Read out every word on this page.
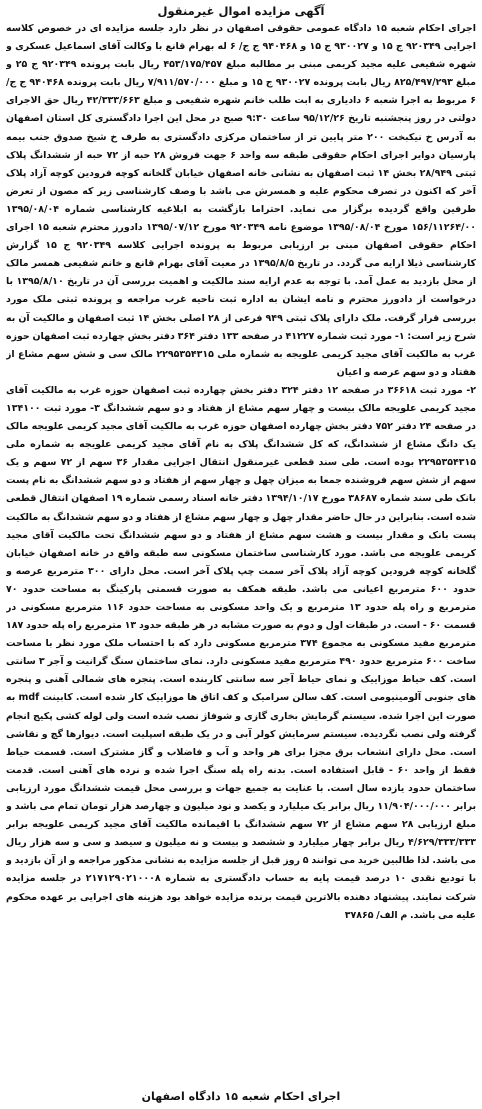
آگهی مزایده اموال غیرمنقول

اجرای احکام شعبه ۱۵ دادگاه عمومی حقوقی اصفهان در نظر دارد جلسه مزایده ای در خصوص کلاسه اجرایی ۹۲۰۳۴۹ ج ۱۵ و ۹۳۰۰۲۷ ج ۱۵ و ۹۴۰۴۶۸ ج ج/ ۶ له بهرام قانع با وکالت آقای اسماعیل عسکری و شهره شفیعی علیه مجید کریمی مبنی بر مطالبه مبلغ ۴۵۳/۱۷۵/۴۵۷ ریال بابت پرونده ۹۲۰۳۴۹ ج ۲۵ و مبلغ ۸۲۵/۴۹۷/۲۹۳ ریال بابت پرونده ۹۳۰۰۲۷ ج ۱۵ و مبلغ ۷/۹۱۱/۵۷۰/۰۰۰ ریال بابت پرونده ۹۴۰۴۶۸ ج ج/ ۶ مربوط به اجرا شعبه ۶ دادیاری به ابت طلب خانم شهره شفیعی و مبلغ ۴۲/۳۳۳/۶۶۳ ریال حق الاجرای دولتی در روز پنجشنبه تاریخ ۹۵/۱۲/۲۶ ساعت ۹:۳۰ صبح در محل این اجرا دادگستری کل استان اصفهان به آدرس خ نیکبخت ۲۰۰ متر پایین تر از ساختمان مرکزی دادگستری به طرف خ شیخ صدوق جنب بیمه پارسیان دوایر اجرای احکام حقوقی طبقه سه واحد ۶ جهت فروش ۲۸ حبه از ۷۲ حبه از ششدانگ پلاک ثبتی ۲۸/۹۴۹ بخش ۱۴ ثبت اصفهان به نشانی خانه اصفهان خیابان گلخانه کوچه فرودین کوچه آزاد پلاک آخر که اکنون در تصرف محکوم علیه و همسرش می باشد با وصف کارشناسی زیر که مصون از تعرض طرفین واقع گردیده برگزار می نماید. احتراما بازگشت به ابلاغیه کارشناسی شماره ۱۳۹۵/۰۸/۰۴ ۱۵۶/۱۱۲۶۴/۰۰ مورخ ۱۳۹۵/۰۸/۰۴ موضوع نامه ۹۲۰۳۴۹ مورخ ۱۳۹۵/۰۷/۱۲ دادورز محترم شعبه ۱۵ اجرای احکام حقوقی اصفهان مبنی بر ارزیابی مربوط به پرونده اجرایی کلاسه ۹۲۰۳۴۹ ج ۱۵ گزارش کارشناسی ذیلا ارایه می گردد. در تاریخ ۱۳۹۵/۸/۵ در معیت آقای بهرام قانع و خانم شفیعی همسر مالک از محل بازدید به عمل آمد. با توجه به عدم ارایه سند مالکیت و اهمیت بررسی آن در تاریخ ۱۳۹۵/۸/۱۰ با درخواست از دادورز محترم و نامه ایشان به اداره ثبت ناحیه غرب مراجعه و پرونده ثبتی ملک مورد بررسی قرار گرفت. ملک دارای پلاک ثبتی ۹۴۹ فرعی از ۲۸ اصلی بخش ۱۴ ثبت اصفهان و مالکیت آن به شرح زیر است: ۱- مورد ثبت شماره ۴۱۲۲۷ در صفحه ۱۳۳ دفتر ۳۶۴ دفتر بخش چهارده ثبت اصفهان حوزه غرب به مالکیت آقای مجید کریمی علویجه به شماره ملی ۲۲۹۵۳۵۴۳۱۵ مالک سی و شش سهم مشاع از هفتاد و دو سهم عرصه و اعیان

۲- مورد ثبت ۳۶۶۱۸ در صفحه ۱۲ دفتر ۳۲۴ دفتر بخش چهارده ثبت اصفهان حوزه غرب به مالکیت آقای مجید کریمی علویجه مالک بیست و چهار سهم مشاع از هفتاد و دو سهم ششدانگ ۳- مورد ثبت ۱۳۴۱۰۰ در صفحه ۲۴ دفتر ۷۵۲ دفتر بخش چهارده اصفهان حوزه غرب به مالکیت آقای مجید کریمی علویجه مالک یک دانگ مشاع از ششدانگ، که کل ششدانگ پلاک به نام آقای مجید کریمی علویجه به شماره ملی ۲۲۹۵۳۵۴۳۱۵ بوده است. طی سند قطعی غیرمنقول انتقال اجرایی مقدار ۳۶ سهم از ۷۲ سهم و یک سهم از شش سهم فروشنده جمعا به میزان چهل و چهار سهم از هفتاد و دو سهم ششدانگ به نام پست بانک طی سند شماره ۳۸۶۸۷ مورخ ۱۳۹۴/۱۰/۱۷ دفتر خانه اسناد رسمی شماره ۱۹ اصفهان انتقال قطعی شده است. بنابراین در حال حاضر مقدار چهل و چهار سهم مشاع از هفتاد و دو سهم ششدانگ به مالکیت پست بانک و مقدار بیست و هشت سهم مشاع از هفتاد و دو سهم ششدانگ تحت مالکیت آقای مجید کریمی علویجه می باشد. مورد کارشناسی ساختمان مسکونی سه طبقه واقع در خانه اصفهان خیابان گلخانه کوچه فرودین کوچه آزاد پلاک آخر سمت چپ پلاک آخر است. محل دارای ۳۰۰ مترمربع عرصه و حدود ۶۰۰ مترمربع اعیانی می باشد. طبقه همکف به صورت قسمتی پارکینگ به مساحت حدود ۷۰ مترمربع و راه پله حدود ۱۳ مترمربع و یک واحد مسکونی به مساحت حدود ۱۱۶ مترمربع مسکونی در قسمت ۶۰ - است. در طبقات اول و دوم به صورت مشابه در هر طبقه حدود ۱۳ مترمربع راه پله حدود ۱۸۷ مترمربع مفید مسکونی به مجموع ۳۷۴ مترمربع مسکونی دارد که با احتساب ملک مورد نظر با مساحت ساخت ۶۰۰ مترمربع حدود ۴۹۰ مترمربع مفید مسکونی دارد. نمای ساختمان سنگ گرانیت و آجر ۳ سانتی است. کف حیاط موزاییک و نمای حیاط آجر سه سانتی کاربنده است. پنجره های شمالی آهنی و پنجره های جنوبی آلومینیومی است. کف سالن سرامیک و کف اتاق ها موزاییک کار شده است. کابینت mdf به صورت این اجرا شده. سیستم گرمایش بخاری گازی و شوفاژ نصب شده است ولی لوله کشی پکیج انجام گرفته ولی نصب نگردیده. سیستم سرمایش کولر آبی و در یک طبقه اسپلیت است. دیوارها گچ و نقاشی است. محل دارای انشعاب برق مجزا برای هر واحد و آب و فاضلاب و گاز مشترک است. قسمت حیاط فقط از واحد ۶۰ - قابل استفاده است. بدنه راه پله سنگ اجرا شده و نرده های آهنی است. قدمت ساختمان حدود یازده سال است. با عنایت به جمیع جهات و بررسی محل قیمت ششدانگ مورد ارزیابی برابر ۱۱/۹۰۴/۰۰۰/۰۰۰ ریال برابر یک میلیارد و یکصد و نود میلیون و چهارصد هزار تومان تمام می باشد و مبلغ ارزیابی ۲۸ سهم مشاع از ۷۲ سهم ششدانگ با اقیمانده مالکیت آقای مجید کریمی علویجه برابر ۴/۶۲۹/۳۳۳/۳۳۳ ریال برابر چهار میلیارد و ششصد و بیست و نه میلیون و سیصد و سی و سه هزار ریال می باشد. لذا طالبین خرید می توانند ۵ روز قبل از جلسه مزایده به نشانی مذکور مراجعه و از آن بازدید و با تودیع نقدی ۱۰ درصد قیمت پایه به حساب دادگستری به شماره ۲۱۷۱۲۹۰۲۱۰۰۰۸ در جلسه مزایده شرکت نمایند. پیشنهاد دهنده بالاترین قیمت برنده مزایده خواهد بود هزینه های اجرایی بر عهده محکوم علیه می باشد. م الف/ ۳۷۸۶۵

اجرای احکام شعبه ۱۵ دادگاه اصفهان
